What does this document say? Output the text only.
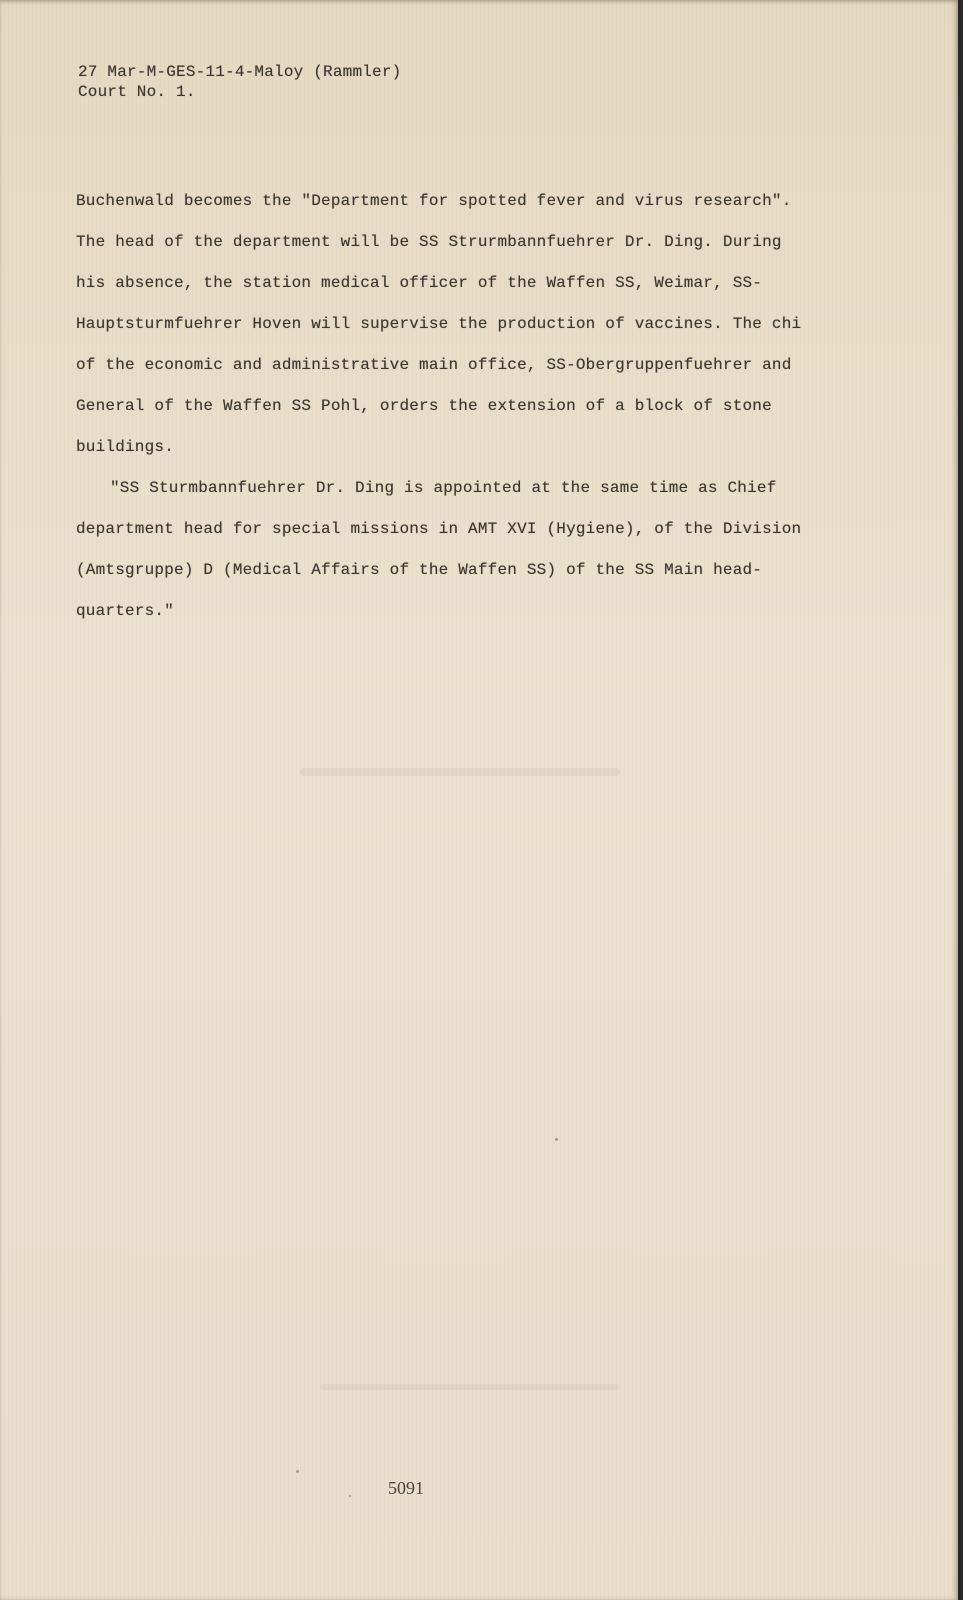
27 Mar-M-GES-11-4-Maloy (Rammler)
Court No. 1.
Buchenwald becomes the "Department for spotted fever and virus research".
The head of the department will be SS Strurmbannfuehrer Dr. Ding. During
his absence, the station medical officer of the Waffen SS, Weimar, SS-
Hauptsturmfuehrer Hoven will supervise the production of vaccines. The chi
of the economic and administrative main office, SS-Obergruppenfuehrer and
General of the Waffen SS Pohl, orders the extension of a block of stone
buildings.
"SS Sturmbannfuehrer Dr. Ding is appointed at the same time as Chief
department head for special missions in AMT XVI (Hygiene), of the Division
(Amtsgruppe) D (Medical Affairs of the Waffen SS) of the SS Main head-
quarters."
5091
